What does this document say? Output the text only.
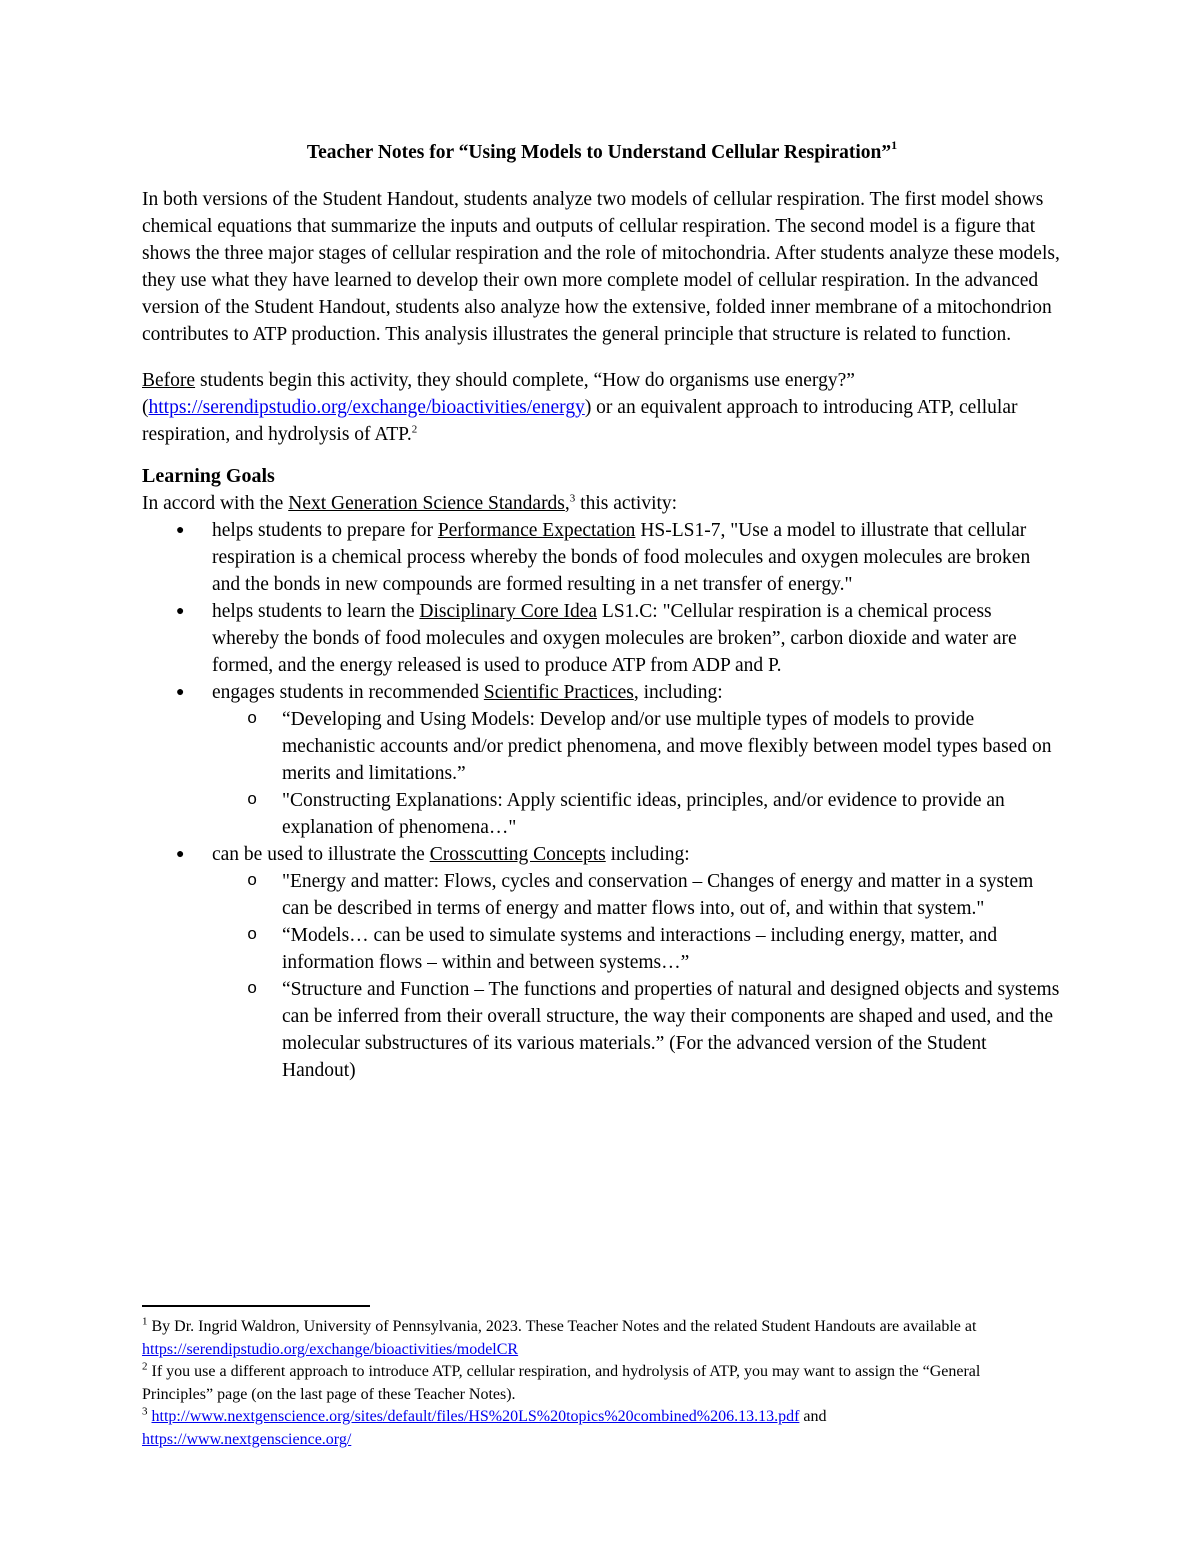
Teacher Notes for “Using Models to Understand Cellular Respiration”$^1$

In both versions of the Student Handout, students analyze two models of cellular respiration. The first model shows chemical equations that summarize the inputs and outputs of cellular respiration. The second model is a figure that shows the three major stages of cellular respiration and the role of mitochondria. After students analyze these models, they use what they have learned to develop their own more complete model of cellular respiration. In the advanced version of the Student Handout, students also analyze how the extensive, folded inner membrane of a mitochondrion contributes to ATP production. This analysis illustrates the general principle that structure is related to function.

Before students begin this activity, they should complete, “How do organisms use energy?” (https://serendipstudio.org/exchange/bioactivities/energy) or an equivalent approach to introducing ATP, cellular respiration, and hydrolysis of ATP.$^2$

Learning Goals

In accord with the Next Generation Science Standards,$^3$ this activity:

● helps students to prepare for Performance Expectation HS-LS1-7, "Use a model to illustrate that cellular respiration is a chemical process whereby the bonds of food molecules and oxygen molecules are broken and the bonds in new compounds are formed resulting in a net transfer of energy."
● helps students to learn the Disciplinary Core Idea LS1.C: "Cellular respiration is a chemical process whereby the bonds of food molecules and oxygen molecules are broken”, carbon dioxide and water are formed, and the energy released is used to produce ATP from ADP and P.
● engages students in recommended Scientific Practices, including:
o “Developing and Using Models: Develop and/or use multiple types of models to provide mechanistic accounts and/or predict phenomena, and move flexibly between model types based on merits and limitations.”
o "Constructing Explanations: Apply scientific ideas, principles, and/or evidence to provide an explanation of phenomena…"
● can be used to illustrate the Crosscutting Concepts including:
o "Energy and matter: Flows, cycles and conservation – Changes of energy and matter in a system can be described in terms of energy and matter flows into, out of, and within that system."
o “Models… can be used to simulate systems and interactions – including energy, matter, and information flows – within and between systems…”
o “Structure and Function – The functions and properties of natural and designed objects and systems can be inferred from their overall structure, the way their components are shaped and used, and the molecular substructures of its various materials.” (For the advanced version of the Student Handout)

$^1$ By Dr. Ingrid Waldron, University of Pennsylvania, 2023. These Teacher Notes and the related Student Handouts are available at https://serendipstudio.org/exchange/bioactivities/modelCR

$^2$ If you use a different approach to introduce ATP, cellular respiration, and hydrolysis of ATP, you may want to assign the “General Principles” page (on the last page of these Teacher Notes).

$^3$ http://www.nextgenscience.org/sites/default/files/HS%20LS%20topics%20combined%206.13.13.pdf and
https://www.nextgenscience.org/
